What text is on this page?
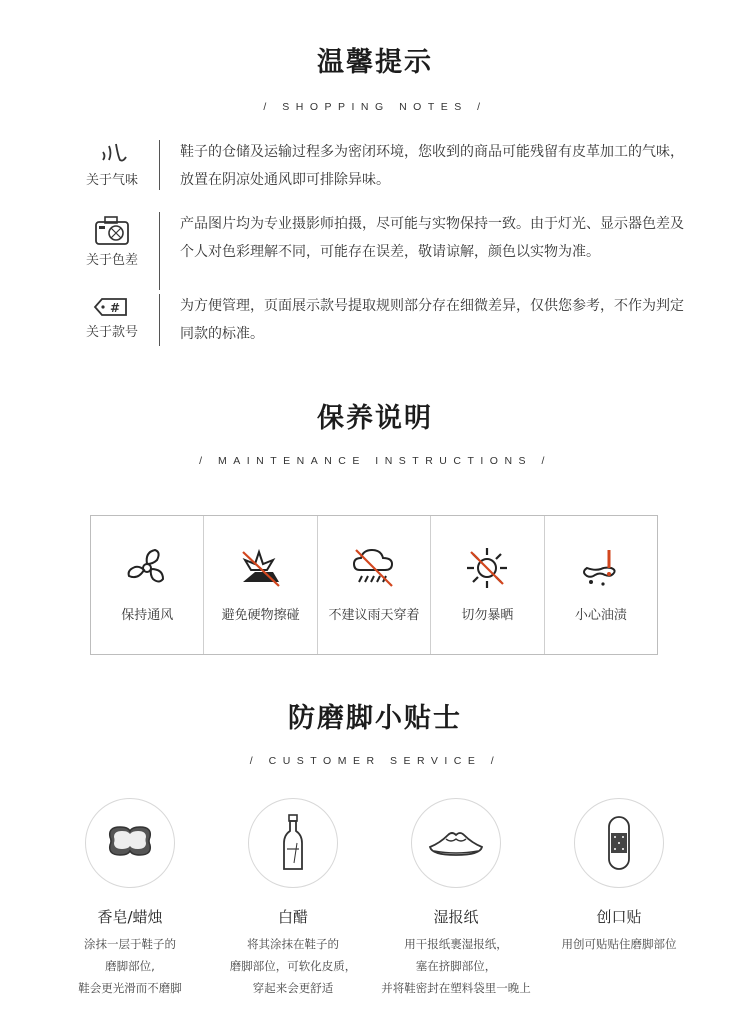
温馨提示
/ SHOPPING NOTES /
关于气味
鞋子的仓储及运输过程多为密闭环境，您收到的商品可能残留有皮革加工的气味，放置在阴凉处通风即可排除异味。
关于色差
产品图片均为专业摄影师拍摄，尽可能与实物保持一致。由于灯光、显示器色差及个人对色彩理解不同，可能存在误差，敬请谅解，颜色以实物为准。
#
关于款号
为方便管理，页面展示款号提取规则部分存在细微差异，仅供您参考，不作为判定同款的标准。
保养说明
/ MAINTENANCE INSTRUCTIONS /
保持通风	避免硬物擦碰	不建议雨天穿着	切勿暴晒	小心油渍
防磨脚小贴士
/ CUSTOMER SERVICE /
香皂/蜡烛
涂抹一层于鞋子的
磨脚部位,
鞋会更光滑而不磨脚
白醋
将其涂抹在鞋子的
磨脚部位，可软化皮质，
穿起来会更舒适
湿报纸
用干报纸裹湿报纸，
塞在挤脚部位，
并将鞋密封在塑料袋里一晚上
创口贴
用创可贴贴住磨脚部位
